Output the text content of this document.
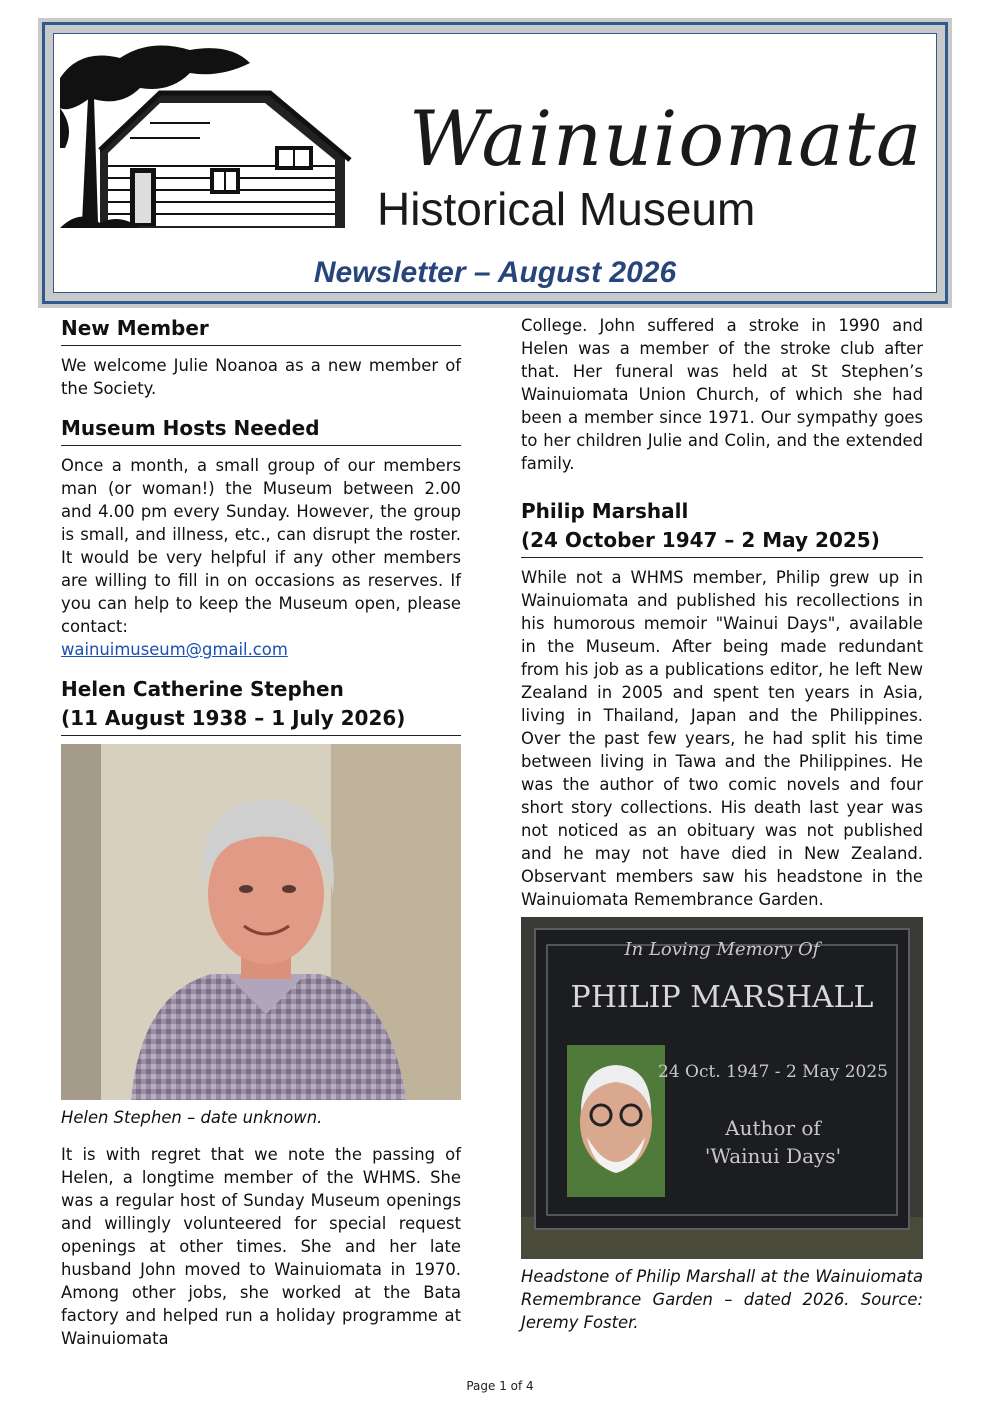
Wainuiomata
Historical Museum
Newsletter – August 2026
New Member

We welcome Julie Noanoa as a new member of the Society.

Museum Hosts Needed

Once a month, a small group of our members man (or woman!) the Museum between 2.00 and 4.00 pm every Sunday. However, the group is small, and illness, etc., can disrupt the roster. It would be very helpful if any other members are willing to fill in on occasions as reserves. If you can help to keep the Museum open, please contact:
wainuimuseum@gmail.com

Helen Catherine Stephen
(11 August 1938 – 1 July 2026)
Helen Stephen – date unknown.

It is with regret that we note the passing of Helen, a longtime member of the WHMS. She was a regular host of Sunday Museum openings and willingly volunteered for special request openings at other times. She and her late husband John moved to Wainuiomata in 1970. Among other jobs, she worked at the Bata factory and helped run a holiday programme at Wainuiomata

College. John suffered a stroke in 1990 and Helen was a member of the stroke club after that. Her funeral was held at St Stephen’s Wainuiomata Union Church, of which she had been a member since 1971. Our sympathy goes to her children Julie and Colin, and the extended family.

Philip Marshall
(24 October 1947 – 2 May 2025)

While not a WHMS member, Philip grew up in Wainuiomata and published his recollections in his humorous memoir "Wainui Days", available in the Museum. After being made redundant from his job as a publications editor, he left New Zealand in 2005 and spent ten years in Asia, living in Thailand, Japan and the Philippines. Over the past few years, he had split his time between living in Tawa and the Philippines. He was the author of two comic novels and four short story collections. His death last year was not noticed as an obituary was not published and he may not have died in New Zealand. Observant members saw his headstone in the Wainuiomata Remembrance Garden.

In Loving Memory Of
PHILIP MARSHALL
24 Oct. 1947 - 2 May 2025
Author of
'Wainui Days'

Headstone of Philip Marshall at the Wainuiomata Remembrance Garden – dated 2026. Source: Jeremy Foster.

Page 1 of 4
